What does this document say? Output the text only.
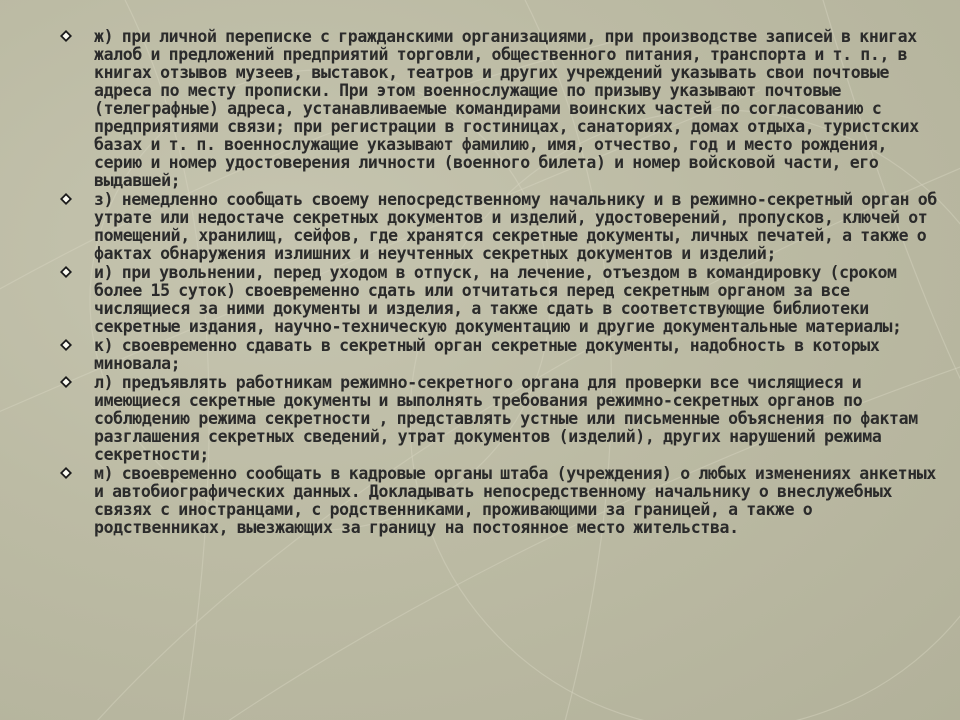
ж) при личной переписке с гражданскими организациями, при производстве записей в книгах жалоб и предложений предприятий торговли, общественного питания, транспорта и т. п., в книгах отзывов музеев, выставок, театров и других учреждений указывать свои почтовые адреса по месту прописки. При этом военнослужащие по призыву указывают почтовые (телеграфные) адреса, устанавливаемые командирами воинских частей по согласованию с предприятиями связи; при регистрации в гостиницах, санаториях, домах отдыха, туристских базах и т. п. военнослужащие указывают фамилию, имя, отчество, год и место рождения, серию и номер удостоверения личности (военного билета) и номер войсковой части, его выдавшей;
з) немедленно сообщать своему непосредственному начальнику и в режимно-секретный орган об утрате или недостаче секретных документов и изделий, удостоверений, пропусков, ключей от помещений, хранилищ, сейфов, где хранятся секретные документы, личных печатей, а также о фактах обнаружения излишних и неучтенных секретных документов и изделий;
и) при увольнении, перед уходом в отпуск, на лечение, отъездом в командировку (сроком более 15 суток) своевременно сдать или отчитаться перед секретным органом за все числящиеся за ними документы и изделия, а также сдать в соответствующие библиотеки секретные издания, научно-техническую документацию и другие документальные материалы;
к) своевременно сдавать в секретный орган секретные документы, надобность в которых миновала;
л) предъявлять работникам режимно-секретного органа для проверки все числящиеся и имеющиеся секретные документы и выполнять требования режимно-секретных органов по соблюдению режима секретности , представлять устные или письменные объяснения по фактам разглашения секретных сведений, утрат документов (изделий), других нарушений режима секретности;
м) своевременно сообщать в кадровые органы штаба (учреждения) о любых изменениях анкетных и автобиографических данных. Докладывать непосредственному начальнику о внеслужебных связях с иностранцами, с родственниками, проживающими за границей, а также о родственниках, выезжающих за границу на постоянное место жительства.
